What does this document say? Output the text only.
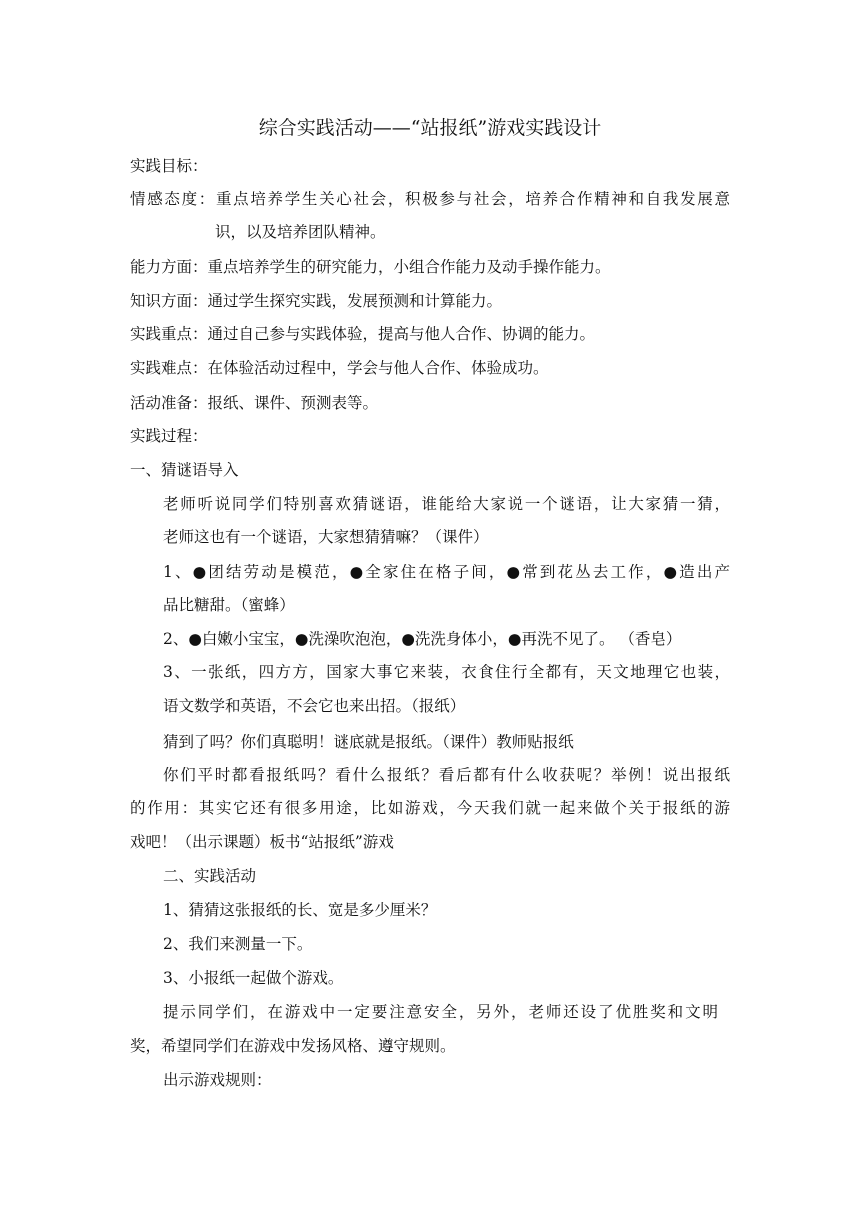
综合实践活动——“站报纸”游戏实践设计
实践目标：
情感态度：重点培养学生关心社会，积极参与社会，培养合作精神和自我发展意
识，以及培养团队精神。
能力方面：重点培养学生的研究能力，小组合作能力及动手操作能力。
知识方面：通过学生探究实践，发展预测和计算能力。
实践重点：通过自己参与实践体验，提高与他人合作、协调的能力。
实践难点：在体验活动过程中，学会与他人合作、体验成功。
活动准备：报纸、课件、预测表等。
实践过程：
一、猜谜语导入
老师听说同学们特别喜欢猜谜语，谁能给大家说一个谜语，让大家猜一猜，
老师这也有一个谜语，大家想猜猜嘛？（课件）
1、●团结劳动是模范，●全家住在格子间，●常到花丛去工作，●造出产
品比糖甜。（蜜蜂）
2、●白嫩小宝宝，●洗澡吹泡泡，●洗洗身体小，●再洗不见了。 （香皂）
3、一张纸，四方方，国家大事它来装，衣食住行全都有，天文地理它也装，
语文数学和英语，不会它也来出招。（报纸）
猜到了吗？你们真聪明！谜底就是报纸。（课件）教师贴报纸
你们平时都看报纸吗？看什么报纸？看后都有什么收获呢？举例！说出报纸
的作用：其实它还有很多用途，比如游戏，今天我们就一起来做个关于报纸的游
戏吧！（出示课题）板书“站报纸”游戏
二、实践活动
1、猜猜这张报纸的长、宽是多少厘米？
2、我们来测量一下。
3、小报纸一起做个游戏。
提示同学们，在游戏中一定要注意安全，另外，老师还设了优胜奖和文明
奖，希望同学们在游戏中发扬风格、遵守规则。
出示游戏规则：
